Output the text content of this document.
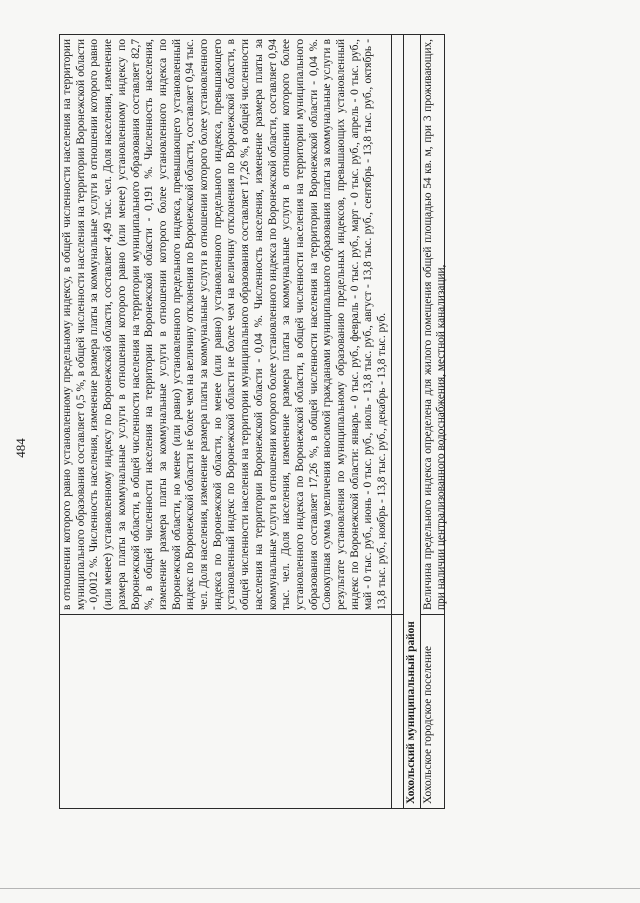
484
		в отношении которого равно установленному предельному индексу, в общей численности населения на территории муниципального образования составляет 0,5 %, в общей численности населения на территории Воронежской области - 0,0012 %. Численность населения, изменение размера платы за коммунальные услуги в отношении которого равно (или менее) установленному индексу по Воронежской области, составляет 4,49 тыс. чел. Доля населения, изменение размера платы за коммунальные услуги в отношении которого равно (или менее) установленному индексу по Воронежской области, в общей численности населения на территории муниципального образования составляет 82,7 %, в общей численности населения на территории Воронежской области - 0,191 %. Численность населения, изменение размера платы за коммунальные услуги в отношении которого более установленного индекса по Воронежской области, но менее (или равно) установленного предельного индекса, превышающего установленный индекс по Воронежской области не более чем на величину отклонения по Воронежской области, составляет 0,94 тыс. чел. Доля населения, изменение размера платы за коммунальные услуги в отношении которого более установленного индекса по Воронежской области, но менее (или равно) установленного предельного индекса, превышающего установленный индекс по Воронежской области не более чем на величину отклонения по Воронежской области, в общей численности населения на территории муниципального образования составляет 17,26 %, в общей численности населения на территории Воронежской области - 0,04 %. Численность населения, изменение размера платы за коммунальные услуги в отношении которого более установленного индекса по Воронежской области, составляет 0,94 тыс. чел. Доля населения, изменение размера платы за коммунальные услуги в отношении которого более установленного индекса по Воронежской области, в общей численности населения на территории муниципального образования составляет 17,26 %, в общей численности населения на территории Воронежской области - 0,04 %. Совокупная сумма увеличения вносимой гражданами муниципального образования платы за коммунальные услуги в результате установления по муниципальному образованию предельных индексов, превышающих установленный индекс по Воронежской области: январь - 0 тыс. руб., февраль - 0 тыс. руб., март - 0 тыс. руб., апрель - 0 тыс. руб., май - 0 тыс. руб., июнь - 0 тыс. руб., июль - 13,8 тыс. руб., август - 13,8 тыс. руб., сентябрь - 13,8 тыс. руб., октябрь - 13,8 тыс. руб., ноябрь - 13,8 тыс. руб., декабрь - 13,8 тыс. руб.

Хохольский муниципальный район	

Хохольское городское поселение	Величина предельного индекса определена для жилого помещения общей площадью 54 кв. м, при 3 проживающих, при наличии централизованного водоснабжения, местной канализации,
